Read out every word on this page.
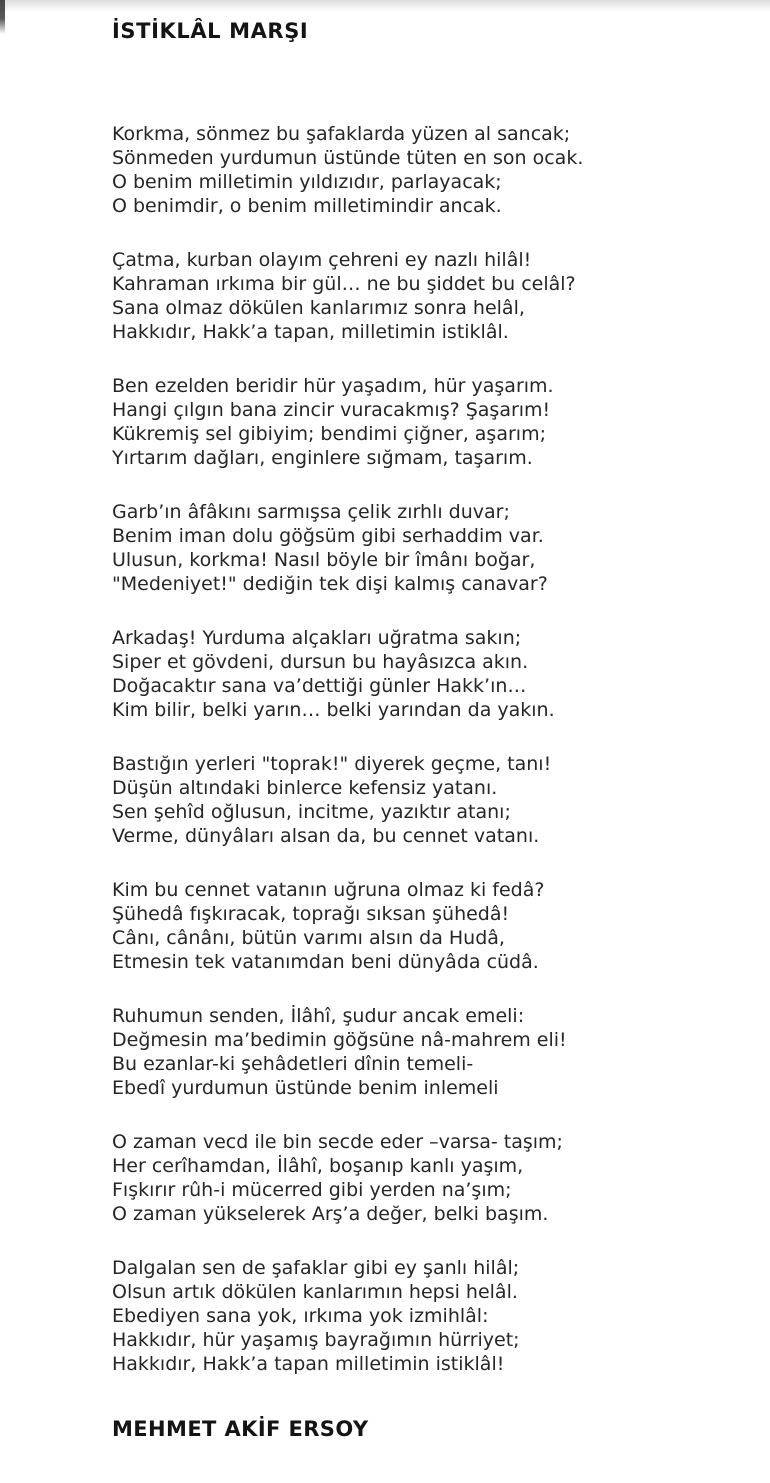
İSTİKLÂL MARŞI
Korkma, sönmez bu şafaklarda yüzen al sancak;
Sönmeden yurdumun üstünde tüten en son ocak.
O benim milletimin yıldızıdır, parlayacak;
O benimdir, o benim milletimindir ancak.
Çatma, kurban olayım çehreni ey nazlı hilâl!
Kahraman ırkıma bir gül… ne bu şiddet bu celâl?
Sana olmaz dökülen kanlarımız sonra helâl,
Hakkıdır, Hakk’a tapan, milletimin istiklâl.
Ben ezelden beridir hür yaşadım, hür yaşarım.
Hangi çılgın bana zincir vuracakmış? Şaşarım!
Kükremiş sel gibiyim; bendimi çiğner, aşarım;
Yırtarım dağları, enginlere sığmam, taşarım.
Garb’ın âfâkını sarmışsa çelik zırhlı duvar;
Benim iman dolu göğsüm gibi serhaddim var.
Ulusun, korkma! Nasıl böyle bir îmânı boğar,
"Medeniyet!" dediğin tek dişi kalmış canavar?
Arkadaş! Yurduma alçakları uğratma sakın;
Siper et gövdeni, dursun bu hayâsızca akın.
Doğacaktır sana va’dettiği günler Hakk’ın…
Kim bilir, belki yarın… belki yarından da yakın.
Bastığın yerleri "toprak!" diyerek geçme, tanı!
Düşün altındaki binlerce kefensiz yatanı.
Sen şehîd oğlusun, incitme, yazıktır atanı;
Verme, dünyâları alsan da, bu cennet vatanı.
Kim bu cennet vatanın uğruna olmaz ki fedâ?
Şühedâ fışkıracak, toprağı sıksan şühedâ!
Cânı, cânânı, bütün varımı alsın da Hudâ,
Etmesin tek vatanımdan beni dünyâda cüdâ.
Ruhumun senden, İlâhî, şudur ancak emeli:
Değmesin ma’bedimin göğsüne nâ-mahrem eli!
Bu ezanlar-ki şehâdetleri dînin temeli-
Ebedî yurdumun üstünde benim inlemeli
O zaman vecd ile bin secde eder –varsa- taşım;
Her cerîhamdan, İlâhî, boşanıp kanlı yaşım,
Fışkırır rûh-i mücerred gibi yerden na’şım;
O zaman yükselerek Arş’a değer, belki başım.
Dalgalan sen de şafaklar gibi ey şanlı hilâl;
Olsun artık dökülen kanlarımın hepsi helâl.
Ebediyen sana yok, ırkıma yok izmihlâl:
Hakkıdır, hür yaşamış bayrağımın hürriyet;
Hakkıdır, Hakk’a tapan milletimin istiklâl!
MEHMET AKİF ERSOY
